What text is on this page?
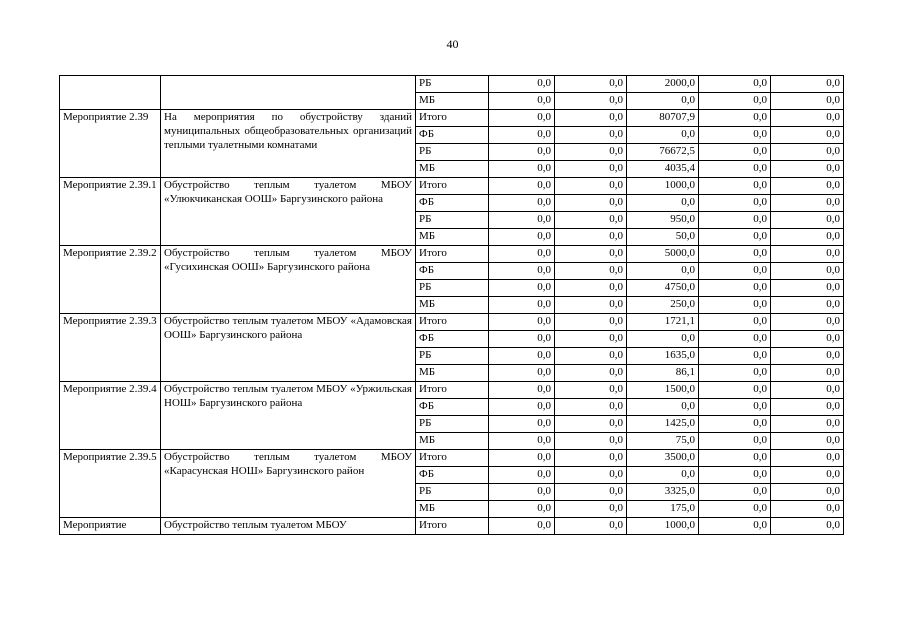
40
		РБ	0,0	0,0	2000,0	0,0	0,0
		МБ	0,0	0,0	0,0	0,0	0,0
Мероприятие 2.39	На мероприятия по обустройству зданий муниципальных общеобразовательных организаций теплыми туалетными комнатами	Итого	0,0	0,0	80707,9	0,0	0,0
		ФБ	0,0	0,0	0,0	0,0	0,0
		РБ	0,0	0,0	76672,5	0,0	0,0
		МБ	0,0	0,0	4035,4	0,0	0,0
Мероприятие 2.39.1	Обустройство теплым туалетом МБОУ «Улюкчиканская ООШ» Баргузинского района	Итого	0,0	0,0	1000,0	0,0	0,0
		ФБ	0,0	0,0	0,0	0,0	0,0
		РБ	0,0	0,0	950,0	0,0	0,0
		МБ	0,0	0,0	50,0	0,0	0,0
Мероприятие 2.39.2	Обустройство теплым туалетом МБОУ «Гусихинская ООШ» Баргузинского района	Итого	0,0	0,0	5000,0	0,0	0,0
		ФБ	0,0	0,0	0,0	0,0	0,0
		РБ	0,0	0,0	4750,0	0,0	0,0
		МБ	0,0	0,0	250,0	0,0	0,0
Мероприятие 2.39.3	Обустройство теплым туалетом МБОУ «Адамовская ООШ» Баргузинского района	Итого	0,0	0,0	1721,1	0,0	0,0
		ФБ	0,0	0,0	0,0	0,0	0,0
		РБ	0,0	0,0	1635,0	0,0	0,0
		МБ	0,0	0,0	86,1	0,0	0,0
Мероприятие 2.39.4	Обустройство теплым туалетом МБОУ «Уржильская НОШ» Баргузинского района	Итого	0,0	0,0	1500,0	0,0	0,0
		ФБ	0,0	0,0	0,0	0,0	0,0
		РБ	0,0	0,0	1425,0	0,0	0,0
		МБ	0,0	0,0	75,0	0,0	0,0
Мероприятие 2.39.5	Обустройство теплым туалетом МБОУ «Карасунская НОШ» Баргузинского район	Итого	0,0	0,0	3500,0	0,0	0,0
		ФБ	0,0	0,0	0,0	0,0	0,0
		РБ	0,0	0,0	3325,0	0,0	0,0
		МБ	0,0	0,0	175,0	0,0	0,0
Мероприятие	Обустройство теплым туалетом МБОУ	Итого	0,0	0,0	1000,0	0,0	0,0
